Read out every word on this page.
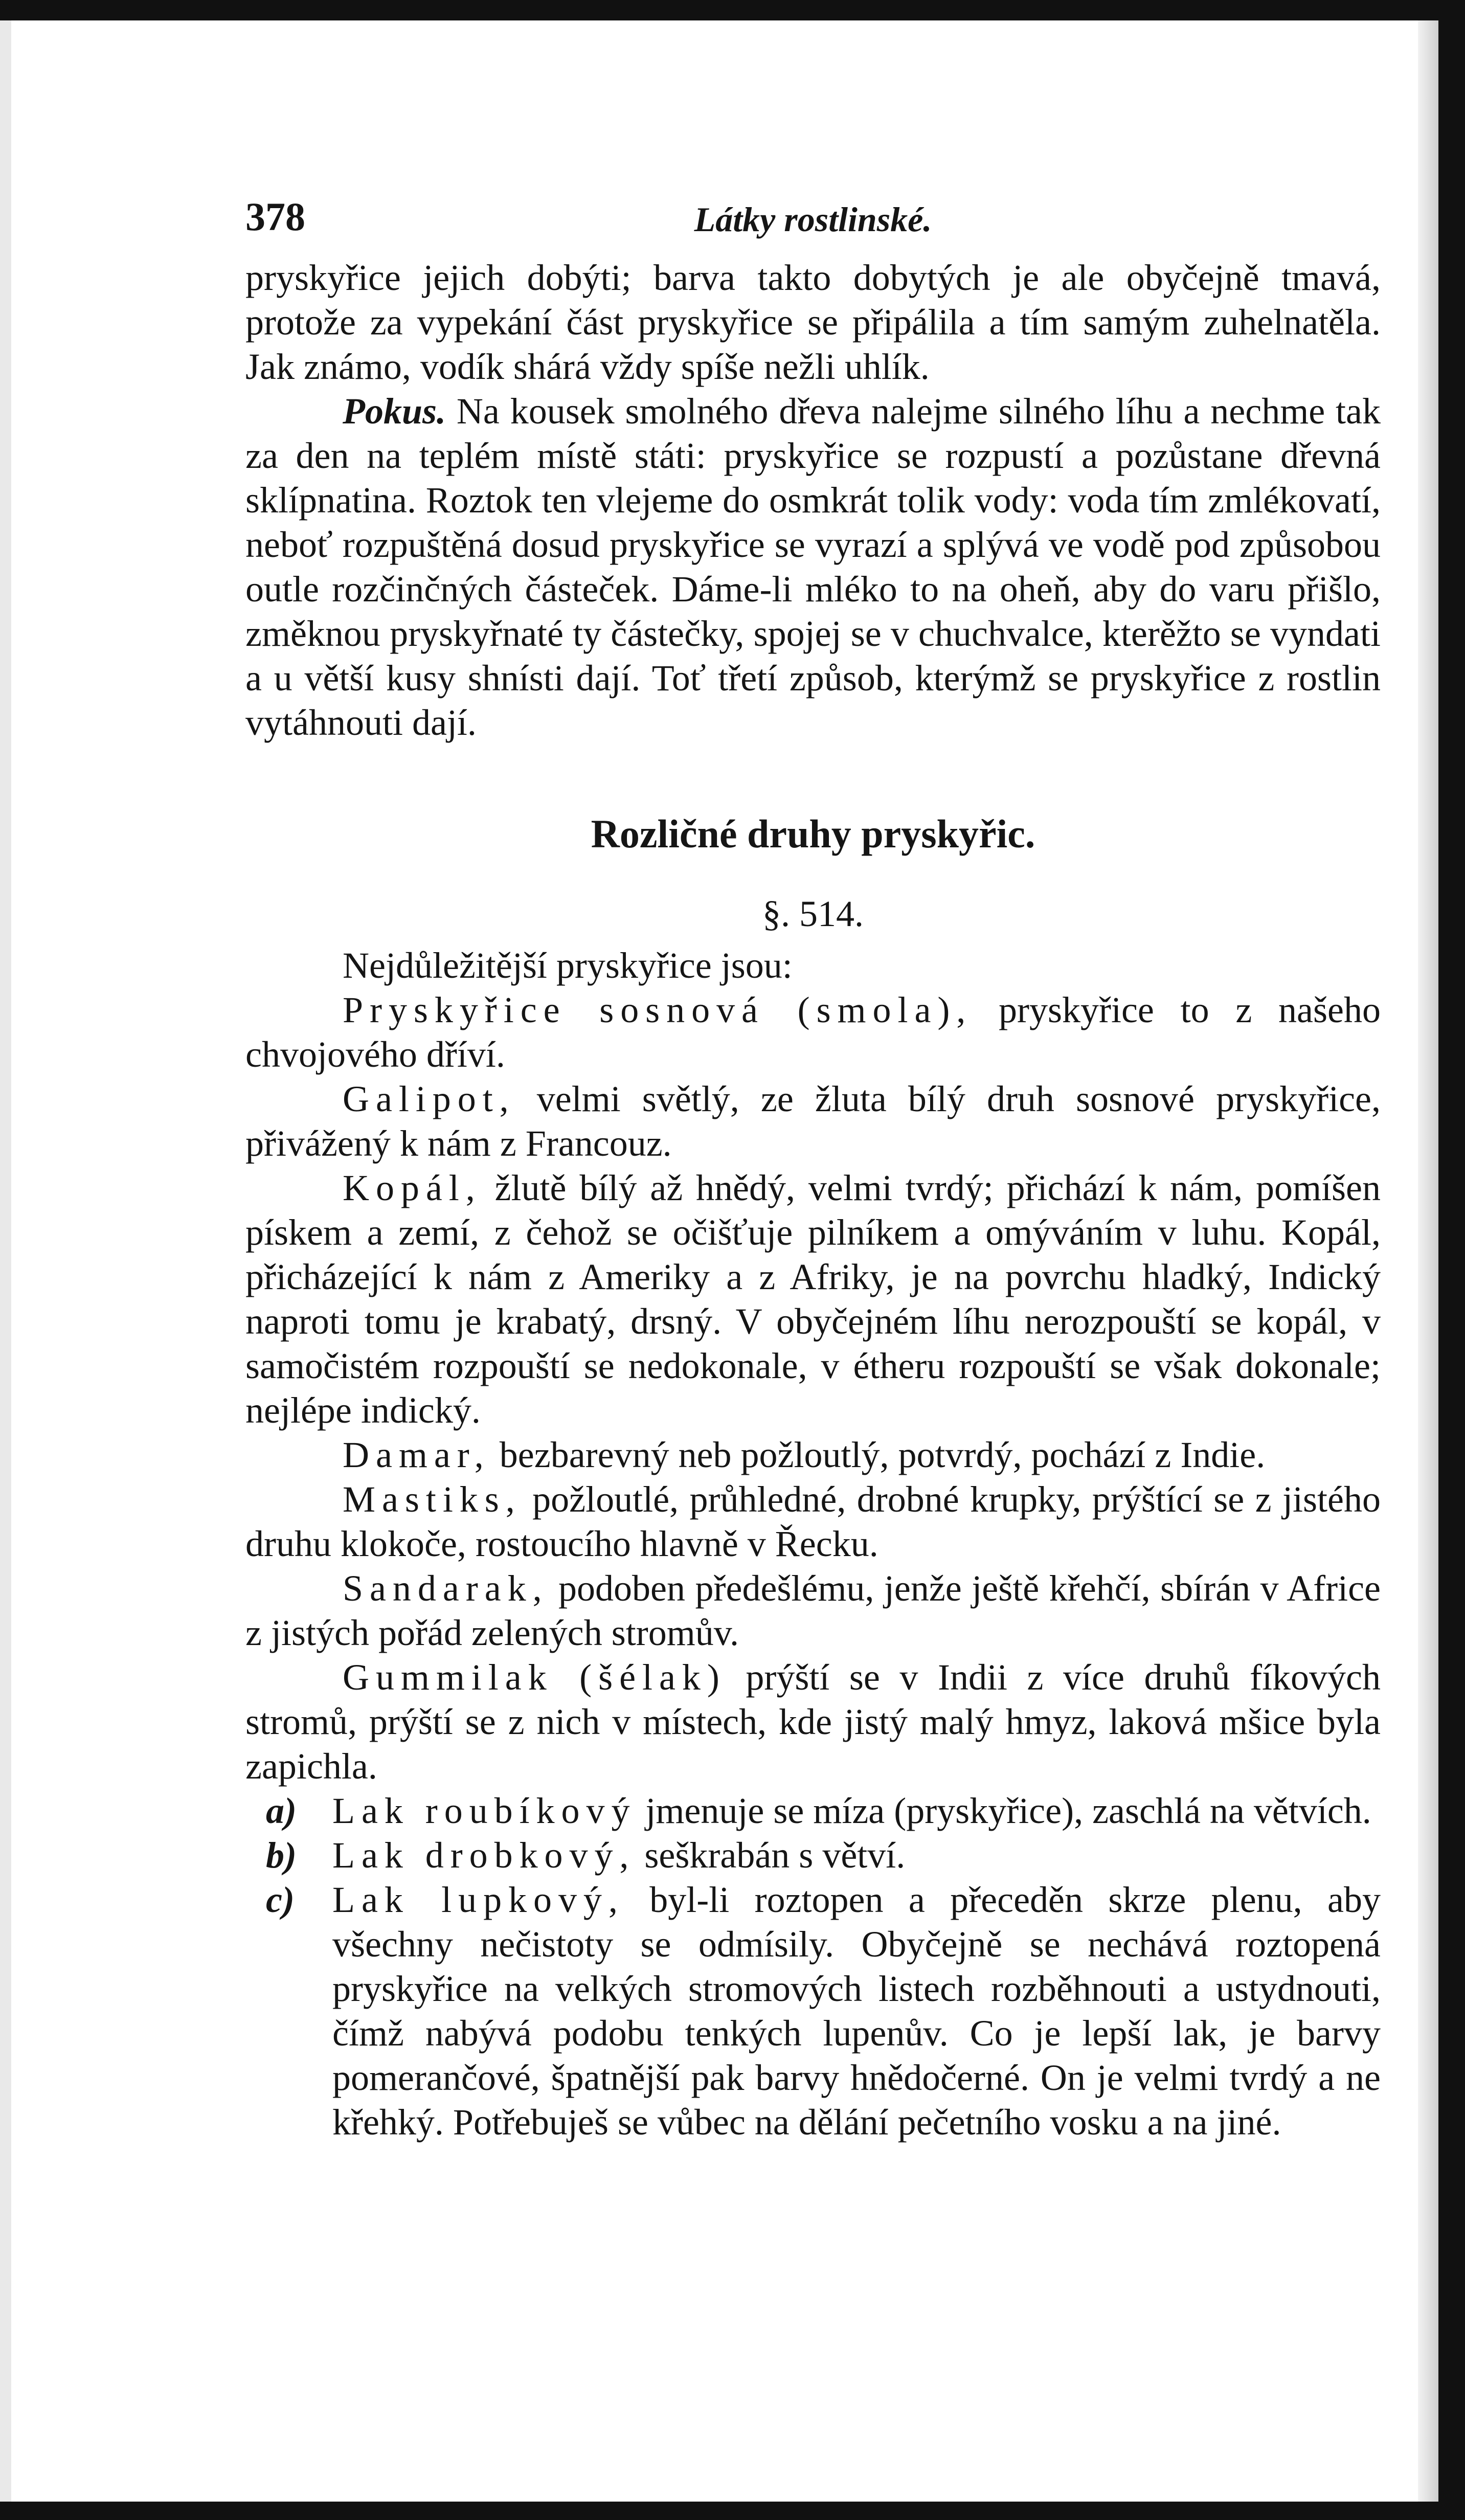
378	Látky rostlinské.

pryskyřice jejich dobýti; barva takto dobytých je ale obyčejně tmavá, protože za vypekání část pryskyřice se připálila a tím samým zuhelnatěla. Jak známo, vodík shárá vždy spíše nežli uhlík.

Pokus. Na kousek smolného dřeva nalejme silného líhu a nechme tak za den na teplém místě státi: pryskyřice se rozpustí a pozůstane dřevná sklípnatina. Roztok ten vlejeme do osmkrát tolik vody: voda tím zmlékovatí, neboť rozpuštěná dosud pryskyřice se vyrazí a splývá ve vodě pod způsobou outle rozčinčných částeček. Dáme-li mléko to na oheň, aby do varu přišlo, změknou pryskyřnaté ty částečky, spojej se v chuchvalce, kterěžto se vyndati a u větší kusy shnísti dají. Toť třetí způsob, kterýmž se pryskyřice z rostlin vytáhnouti dají.

Rozličné druhy pryskyřic.
§. 514.

Nejdůležitější pryskyřice jsou:

Pryskyřice sosnová (smola), pryskyřice to z našeho chvojového dříví.

Galipot, velmi světlý, ze žluta bílý druh sosnové pryskyřice, přivážený k nám z Francouz.

Kopál, žlutě bílý až hnědý, velmi tvrdý; přichází k nám, pomíšen pískem a zemí, z čehož se očišťuje pilníkem a omýváním v luhu. Kopál, přicházející k nám z Ameriky a z Afriky, je na povrchu hladký, Indický naproti tomu je krabatý, drsný. V obyčejném líhu nerozpouští se kopál, v samočistém rozpouští se nedokonale, v étheru rozpouští se však dokonale; nejlépe indický.

Damar, bezbarevný neb požloutlý, potvrdý, pochází z Indie.

Mastiks, požloutlé, průhledné, drobné krupky, prýštící se z jistého druhu klokoče, rostoucího hlavně v Řecku.

Sandarak, podoben předešlému, jenže ještě křehčí, sbírán v Africe z jistých pořád zelených stromův.

Gummilak (šélak) prýští se v Indii z více druhů fíkových stromů, prýští se z nich v místech, kde jistý malý hmyz, laková mšice byla zapichla.

a) Lak roubíkový jmenuje se míza (pryskyřice), zaschlá na větvích.

b) Lak drobkový, seškrabán s větví.

c) Lak lupkový, byl-li roztopen a přeceděn skrze plenu, aby všechny nečistoty se odmísily. Obyčejně se nechává roztopená pryskyřice na velkých stromových listech rozběhnouti a ustydnouti, čímž nabývá podobu tenkých lupenův. Co je lepší lak, je barvy pomerančové, špatnější pak barvy hnědočerné. On je velmi tvrdý a ne křehký. Potřebuješ se vůbec na dělání pečetního vosku a na jiné.
